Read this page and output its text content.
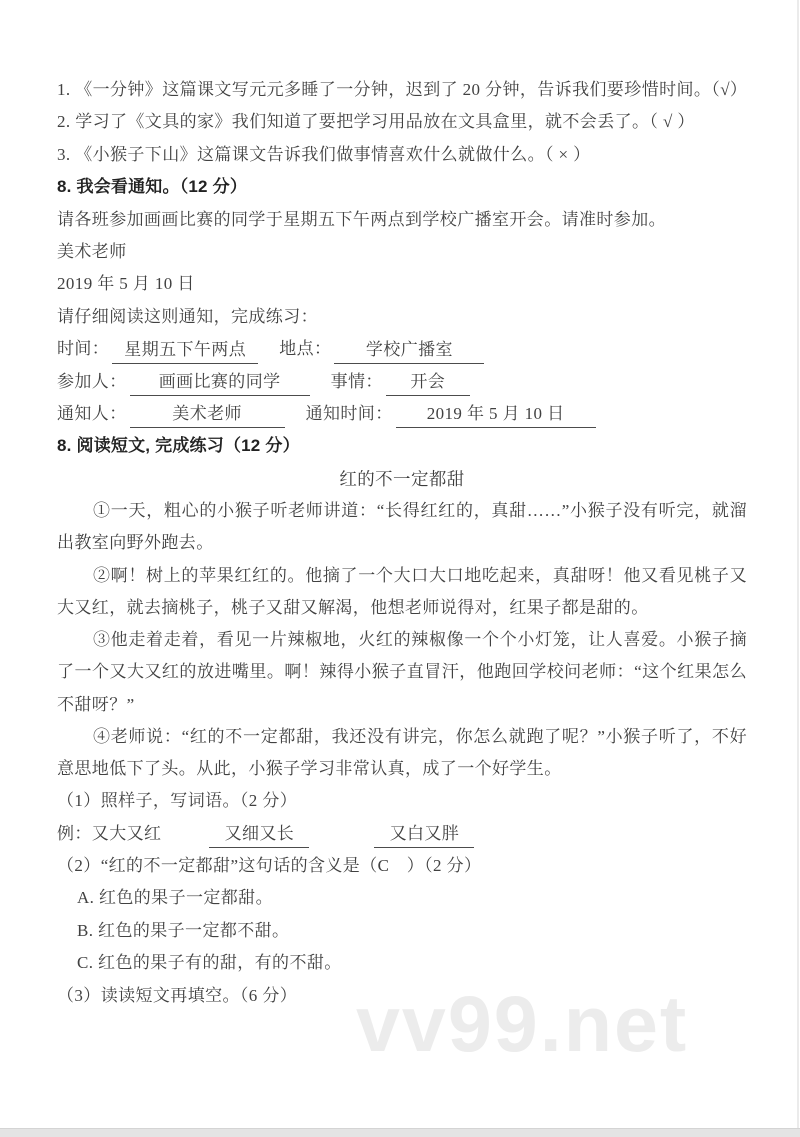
1. 《一分钟》这篇课文写元元多睡了一分钟，迟到了 20 分钟，告诉我们要珍惜时间。（√）
2. 学习了《文具的家》我们知道了要把学习用品放在文具盒里，就不会丢了。（ √ ）
3. 《小猴子下山》这篇课文告诉我们做事情喜欢什么就做什么。（ × ）
8. 我会看通知。（12 分）
请各班参加画画比赛的同学于星期五下午两点到学校广播室开会。请准时参加。
美术老师
2019 年 5 月 10 日
请仔细阅读这则通知，完成练习：
时间： 星期五下午两点 地点： 学校广播室
参加人： 画画比赛的同学	事情： 开会
通知人：	美术老师	通知时间： 2019 年 5 月 10 日
8. 阅读短文, 完成练习（12 分）
红的不一定都甜

①一天，粗心的小猴子听老师讲道：“长得红红的，真甜……”小猴子没有听完，就溜出教室向野外跑去。

②啊！树上的苹果红红的。他摘了一个大口大口地吃起来，真甜呀！他又看见桃子又大又红，就去摘桃子，桃子又甜又解渴，他想老师说得对，红果子都是甜的。

③他走着走着，看见一片辣椒地，火红的辣椒像一个个小灯笼，让人喜爱。小猴子摘了一个又大又红的放进嘴里。啊！辣得小猴子直冒汗，他跑回学校问老师：“这个红果怎么不甜呀？”

④老师说：“红的不一定都甜，我还没有讲完，你怎么就跑了呢？”小猴子听了，不好意思地低下了头。从此，小猴子学习非常认真，成了一个好学生。

（1）照样子，写词语。（2 分）
例：又大又红	又细又长	又白又胖
（2）“红的不一定都甜”这句话的含义是（C　）（2 分）
A. 红色的果子一定都甜。
B. 红色的果子一定都不甜。
C. 红色的果子有的甜，有的不甜。
（3）读读短文再填空。（6 分） vv99.net
